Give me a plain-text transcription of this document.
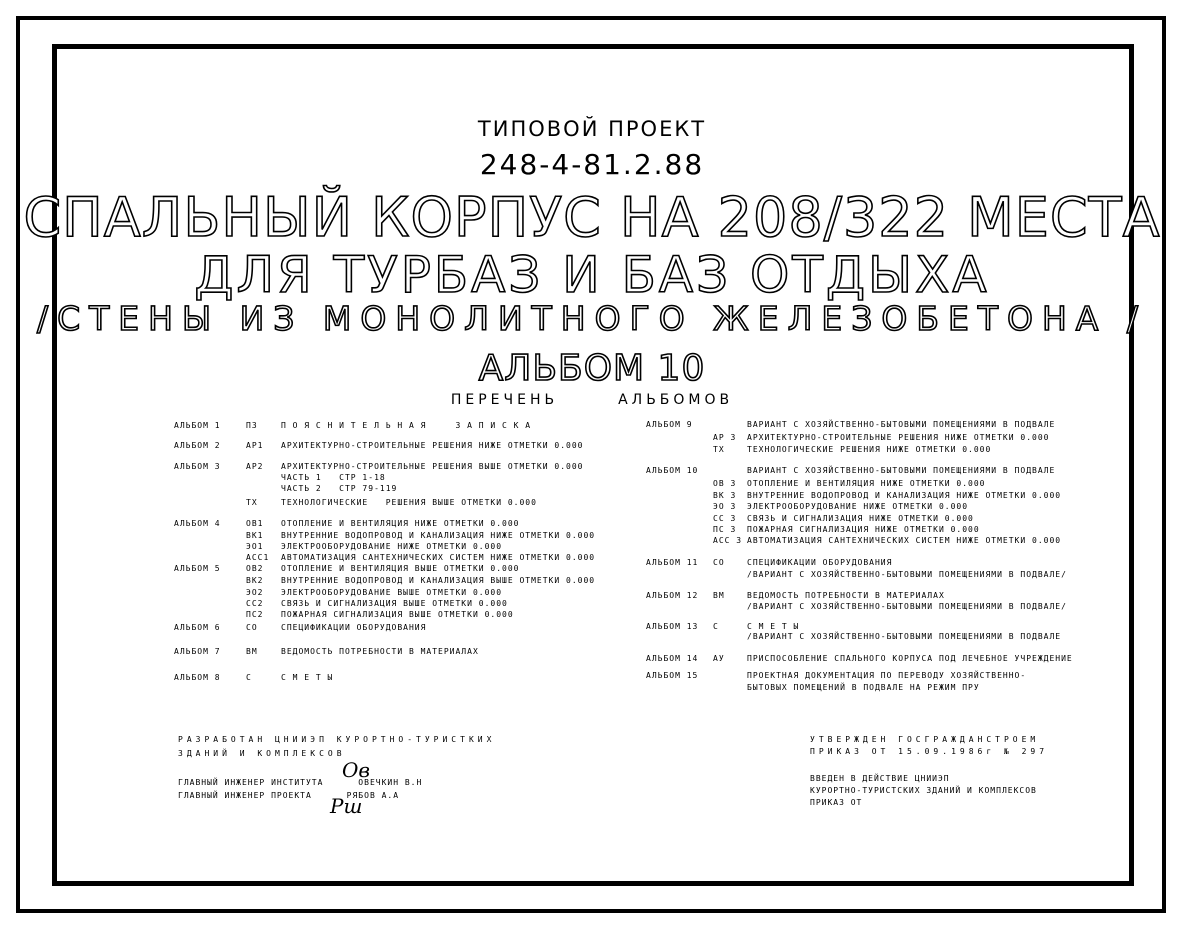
ТИПОВОЙ ПРОЕКТ
248-4-81.2.88
СПАЛЬНЫЙ КОРПУС НА 208/322 МЕСТА
ДЛЯ ТУРБАЗ И БАЗ ОТДЫХА
/СТЕНЫ ИЗ МОНОЛИТНОГО ЖЕЛЕЗОБЕТОНА /
АЛЬБОМ 10
ПЕРЕЧЕНЬ	АЛЬБОМОВ
АЛЬБОМ 1	ПЗ	П О Я С Н И Т Е Л Ь Н А Я     З А П И С К А
АЛЬБОМ 2	АР1 АРХИТЕКТУРНО-СТРОИТЕЛЬНЫЕ РЕШЕНИЯ НИЖЕ ОТМЕТКИ 0.000
АЛЬБОМ 3	АР2 АРХИТЕКТУРНО-СТРОИТЕЛЬНЫЕ РЕШЕНИЯ ВЫШЕ ОТМЕТКИ 0.000
ЧАСТЬ 1   СТР 1-18
ЧАСТЬ 2   СТР 79-119
ТХ	ТЕХНОЛОГИЧЕСКИЕ   РЕШЕНИЯ ВЫШЕ ОТМЕТКИ 0.000
АЛЬБОМ 4	ОВ1 ОТОПЛЕНИЕ И ВЕНТИЛЯЦИЯ НИЖЕ ОТМЕТКИ 0.000
ВК1 ВНУТРЕННИЕ ВОДОПРОВОД И КАНАЛИЗАЦИЯ НИЖЕ ОТМЕТКИ 0.000
ЭО1 ЭЛЕКТРООБОРУДОВАНИЕ НИЖЕ ОТМЕТКИ 0.000
АСС1 АВТОМАТИЗАЦИЯ САНТЕХНИЧЕСКИХ СИСТЕМ НИЖЕ ОТМЕТКИ 0.000
АЛЬБОМ 5	ОВ2 ОТОПЛЕНИЕ И ВЕНТИЛЯЦИЯ ВЫШЕ ОТМЕТКИ 0.000
ВК2 ВНУТРЕННИЕ ВОДОПРОВОД И КАНАЛИЗАЦИЯ ВЫШЕ ОТМЕТКИ 0.000
ЭО2 ЭЛЕКТРООБОРУДОВАНИЕ ВЫШЕ ОТМЕТКИ 0.000
СС2 СВЯЗЬ И СИГНАЛИЗАЦИЯ ВЫШЕ ОТМЕТКИ 0.000
ПС2 ПОЖАРНАЯ СИГНАЛИЗАЦИЯ ВЫШЕ ОТМЕТКИ 0.000
АЛЬБОМ 6	СО	СПЕЦИФИКАЦИИ ОБОРУДОВАНИЯ
АЛЬБОМ 7	ВМ	ВЕДОМОСТЬ ПОТРЕБНОСТИ В МАТЕРИАЛАХ
АЛЬБОМ 8	С	С М Е Т Ы
АЛЬБОМ 9	ВАРИАНТ С ХОЗЯЙСТВЕННО-БЫТОВЫМИ ПОМЕЩЕНИЯМИ В ПОДВАЛЕ
АР 3 АРХИТЕКТУРНО-СТРОИТЕЛЬНЫЕ РЕШЕНИЯ НИЖЕ ОТМЕТКИ 0.000
ТХ	ТЕХНОЛОГИЧЕСКИЕ РЕШЕНИЯ НИЖЕ ОТМЕТКИ 0.000
АЛЬБОМ 10	ВАРИАНТ С ХОЗЯЙСТВЕННО-БЫТОВЫМИ ПОМЕЩЕНИЯМИ В ПОДВАЛЕ
ОВ 3 ОТОПЛЕНИЕ И ВЕНТИЛЯЦИЯ НИЖЕ ОТМЕТКИ 0.000
ВК 3 ВНУТРЕННИЕ ВОДОПРОВОД И КАНАЛИЗАЦИЯ НИЖЕ ОТМЕТКИ 0.000
ЭО 3 ЭЛЕКТРООБОРУДОВАНИЕ НИЖЕ ОТМЕТКИ 0.000
СС 3 СВЯЗЬ И СИГНАЛИЗАЦИЯ НИЖЕ ОТМЕТКИ 0.000
ПС 3 ПОЖАРНАЯ СИГНАЛИЗАЦИЯ НИЖЕ ОТМЕТКИ 0.000
АСС 3 АВТОМАТИЗАЦИЯ САНТЕХНИЧЕСКИХ СИСТЕМ НИЖЕ ОТМЕТКИ 0.000
АЛЬБОМ 11 СО	СПЕЦИФИКАЦИИ ОБОРУДОВАНИЯ
/ВАРИАНТ С ХОЗЯЙСТВЕННО-БЫТОВЫМИ ПОМЕЩЕНИЯМИ В ПОДВАЛЕ/
АЛЬБОМ 12 ВМ	ВЕДОМОСТЬ ПОТРЕБНОСТИ В МАТЕРИАЛАХ
/ВАРИАНТ С ХОЗЯЙСТВЕННО-БЫТОВЫМИ ПОМЕЩЕНИЯМИ В ПОДВАЛЕ/
АЛЬБОМ 13 С	С М Е Т Ы
/ВАРИАНТ С ХОЗЯЙСТВЕННО-БЫТОВЫМИ ПОМЕЩЕНИЯМИ В ПОДВАЛЕ
АЛЬБОМ 14 АУ	ПРИСПОСОБЛЕНИЕ СПАЛЬНОГО КОРПУСА ПОД ЛЕЧЕБНОЕ УЧРЕЖДЕНИЕ
АЛЬБОМ 15	ПРОЕКТНАЯ ДОКУМЕНТАЦИЯ ПО ПЕРЕВОДУ ХОЗЯЙСТВЕННО-
БЫТОВЫХ ПОМЕЩЕНИЙ В ПОДВАЛЕ НА РЕЖИМ ПРУ
РАЗРАБОТАН ЦНИИЭП КУРОРТНО-ТУРИСТКИХ
ЗДАНИЙ И КОМПЛЕКСОВ
ГЛАВНЫЙ ИНЖЕНЕР ИНСТИТУТА      ОВЕЧКИН В.Н
ГЛАВНЫЙ ИНЖЕНЕР ПРОЕКТА      РЯБОВ А.А
Ов
Рш
УТВЕРЖДЕН ГОСГРАЖДАНСТРОЕМ
ПРИКАЗ ОТ 15.09.1986г № 297
ВВЕДЕН В ДЕЙСТВИЕ ЦНИИЭП
КУРОРТНО-ТУРИСТСКИХ ЗДАНИЙ И КОМПЛЕКСОВ
ПРИКАЗ ОТ
